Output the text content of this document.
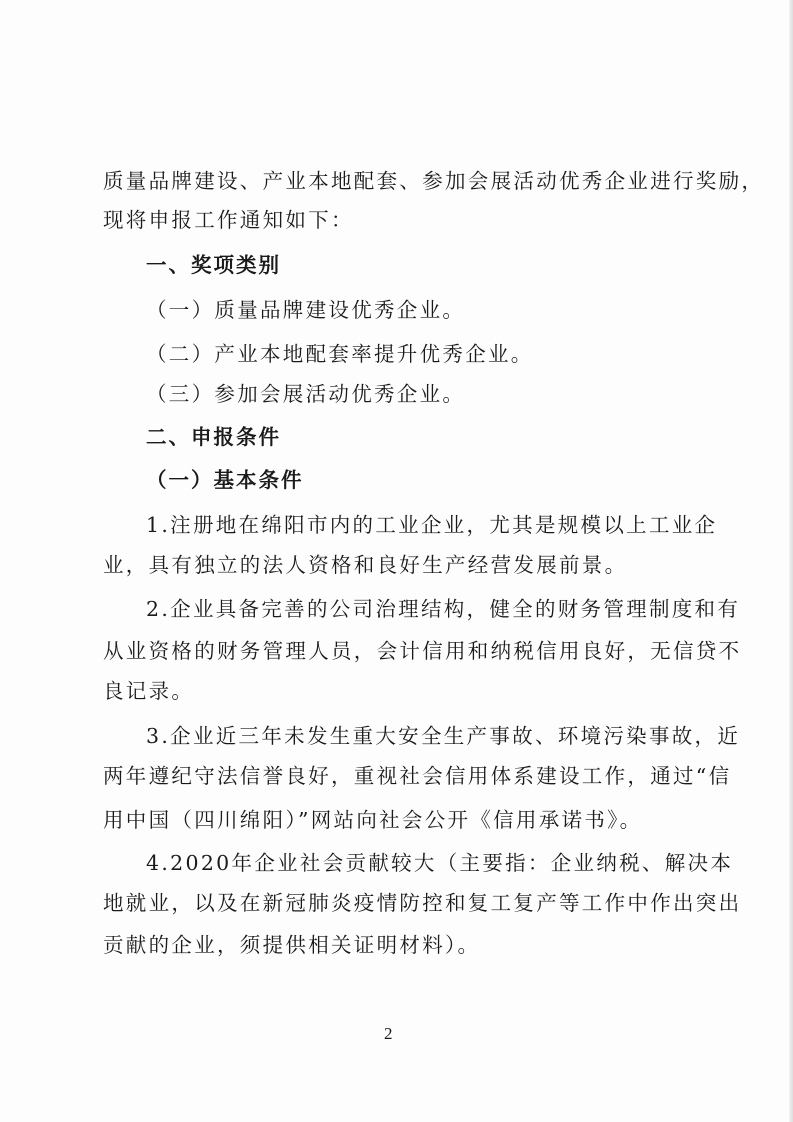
质量品牌建设、产业本地配套、参加会展活动优秀企业进行奖励，
现将申报工作通知如下：
一、奖项类别
（一）质量品牌建设优秀企业。
（二）产业本地配套率提升优秀企业。
（三）参加会展活动优秀企业。
二、申报条件
（一）基本条件
1.注册地在绵阳市内的工业企业，尤其是规模以上工业企
业，具有独立的法人资格和良好生产经营发展前景。
2.企业具备完善的公司治理结构，健全的财务管理制度和有
从业资格的财务管理人员，会计信用和纳税信用良好，无信贷不
良记录。
3.企业近三年未发生重大安全生产事故、环境污染事故，近
两年遵纪守法信誉良好，重视社会信用体系建设工作，通过“信
用中国（四川绵阳）”网站向社会公开《信用承诺书》。
4.2020年企业社会贡献较大（主要指：企业纳税、解决本
地就业，以及在新冠肺炎疫情防控和复工复产等工作中作出突出
贡献的企业，须提供相关证明材料）。
2
